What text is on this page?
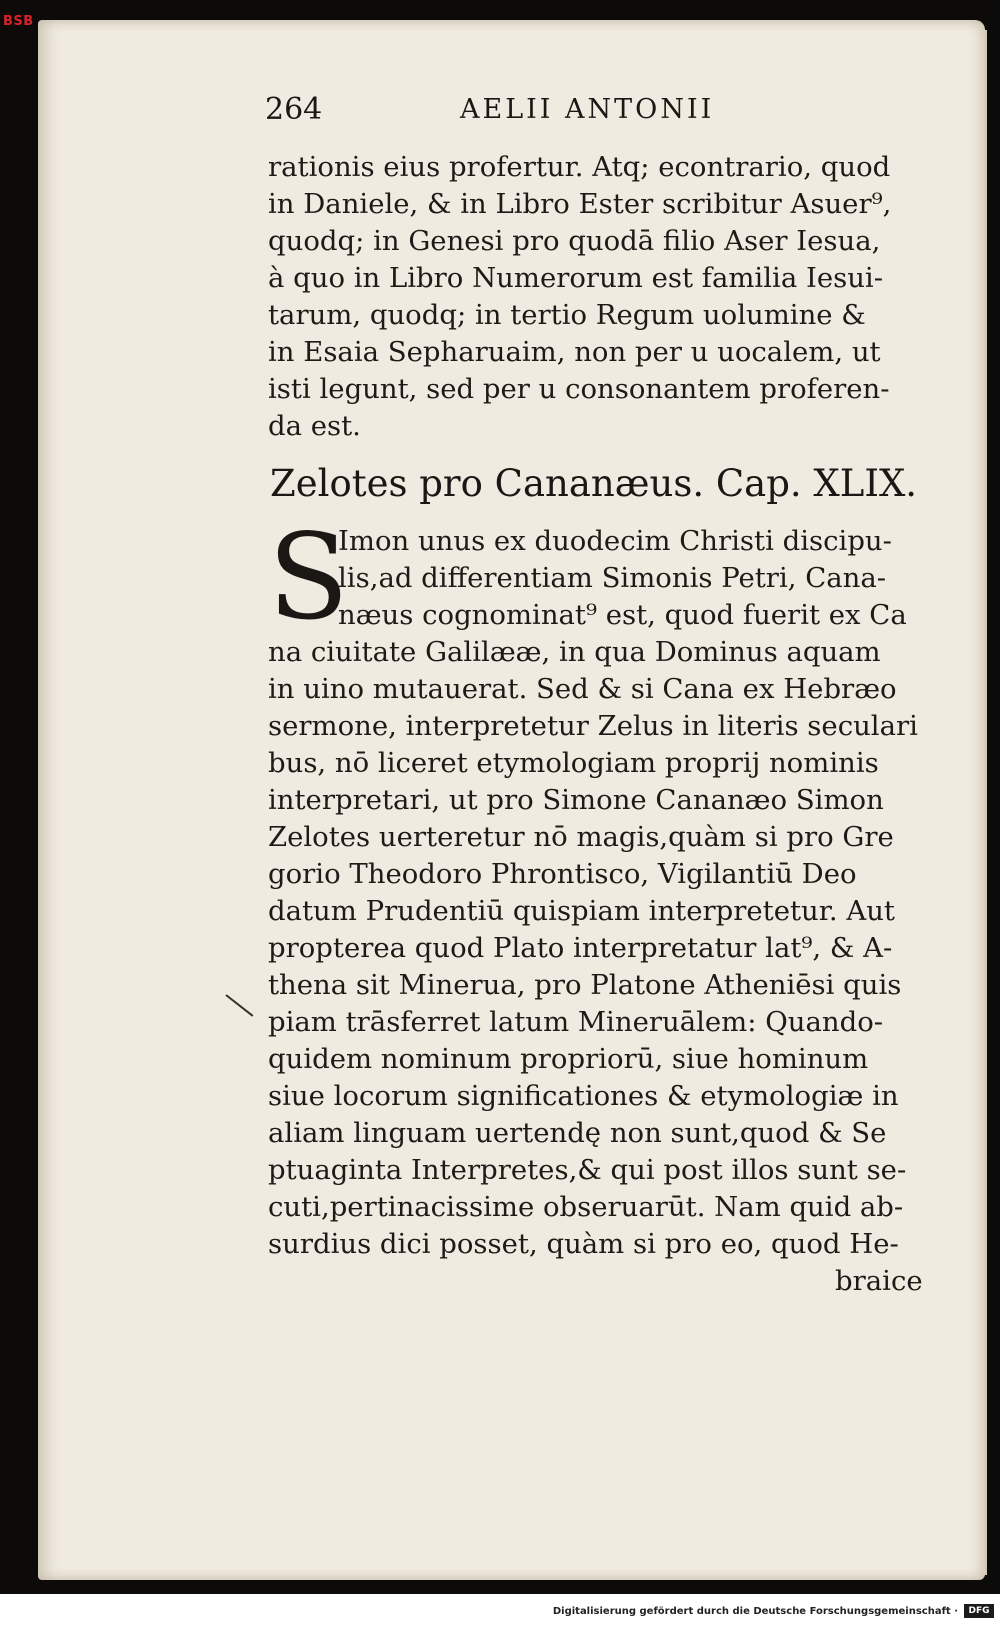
BSB
264	AELII ANTONII
rationis eius profertur. Atq; econtrario, quod
in Daniele, & in Libro Ester scribitur Asuer⁹,
quodq; in Genesi pro quodā filio Aser Iesua,
à quo in Libro Numerorum est familia Iesui-
tarum, quodq; in tertio Regum uolumine &
in Esaia Sepharuaim, non per u uocalem, ut
isti legunt, sed per u consonantem proferen-
da est.
Zelotes pro Cananæus. Cap. XLIX.
S
Imon unus ex duodecim Christi discipu-
lis,ad differentiam Simonis Petri, Cana-
næus cognominat⁹ est, quod fuerit ex Ca
na ciuitate Galilææ, in qua Dominus aquam
in uino mutauerat. Sed & si Cana ex Hebræo
sermone, interpretetur Zelus in literis seculari
bus, nō liceret etymologiam proprij nominis
interpretari, ut pro Simone Cananæo Simon
Zelotes uerteretur nō magis,quàm si pro Gre
gorio Theodoro Phrontisco, Vigilantiū Deo
datum Prudentiū quispiam interpretetur. Aut
propterea quod Plato interpretatur lat⁹, & A-
thena sit Minerua, pro Platone Atheniēsi quis
piam trāsferret latum Mineruālem: Quando-
quidem nominum propriorū, siue hominum
siue locorum significationes & etymologiæ in
aliam linguam uertendę non sunt,quod & Se
ptuaginta Interpretes,& qui post illos sunt se-
cuti,pertinacissime obseruarūt. Nam quid ab-
surdius dici posset, quàm si pro eo, quod He-
braice
Digitalisierung gefördert durch die Deutsche Forschungsgemeinschaft ·	DFG
